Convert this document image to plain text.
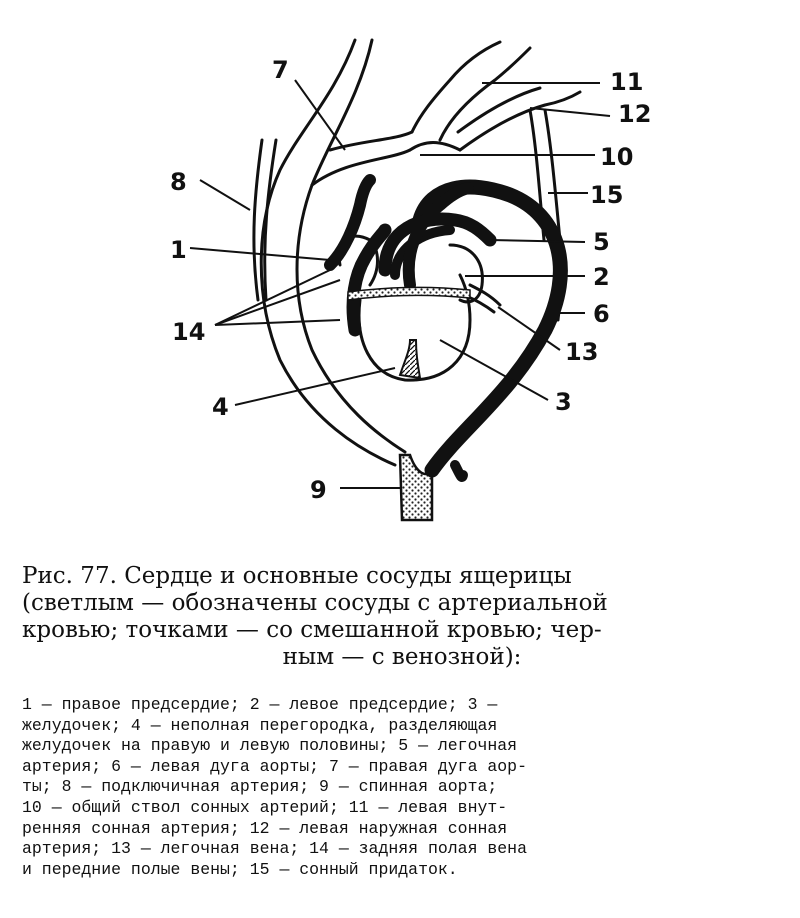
7
8
1
14
4
9
11
12
10
15
5
2
6
13
3
Рис. 77. Сердце и основные сосуды ящерицы
(светлым — обозначены сосуды с артериальной
кровью; точками — со смешанной кровью; чер-
ным — с венозной):
1 — правое предсердие; 2 — левое предсердие; 3 —
желудочек; 4 — неполная перегородка, разделяющая
желудочек на правую и левую половины; 5 — легочная
артерия; 6 — левая дуга аорты; 7 — правая дуга аор-
ты; 8 — подключичная артерия; 9 — спинная аорта;
10 — общий ствол сонных артерий; 11 — левая внут-
ренняя сонная артерия; 12 — левая наружная сонная
артерия; 13 — легочная вена; 14 — задняя полая вена
и передние полые вены; 15 — сонный придаток.
